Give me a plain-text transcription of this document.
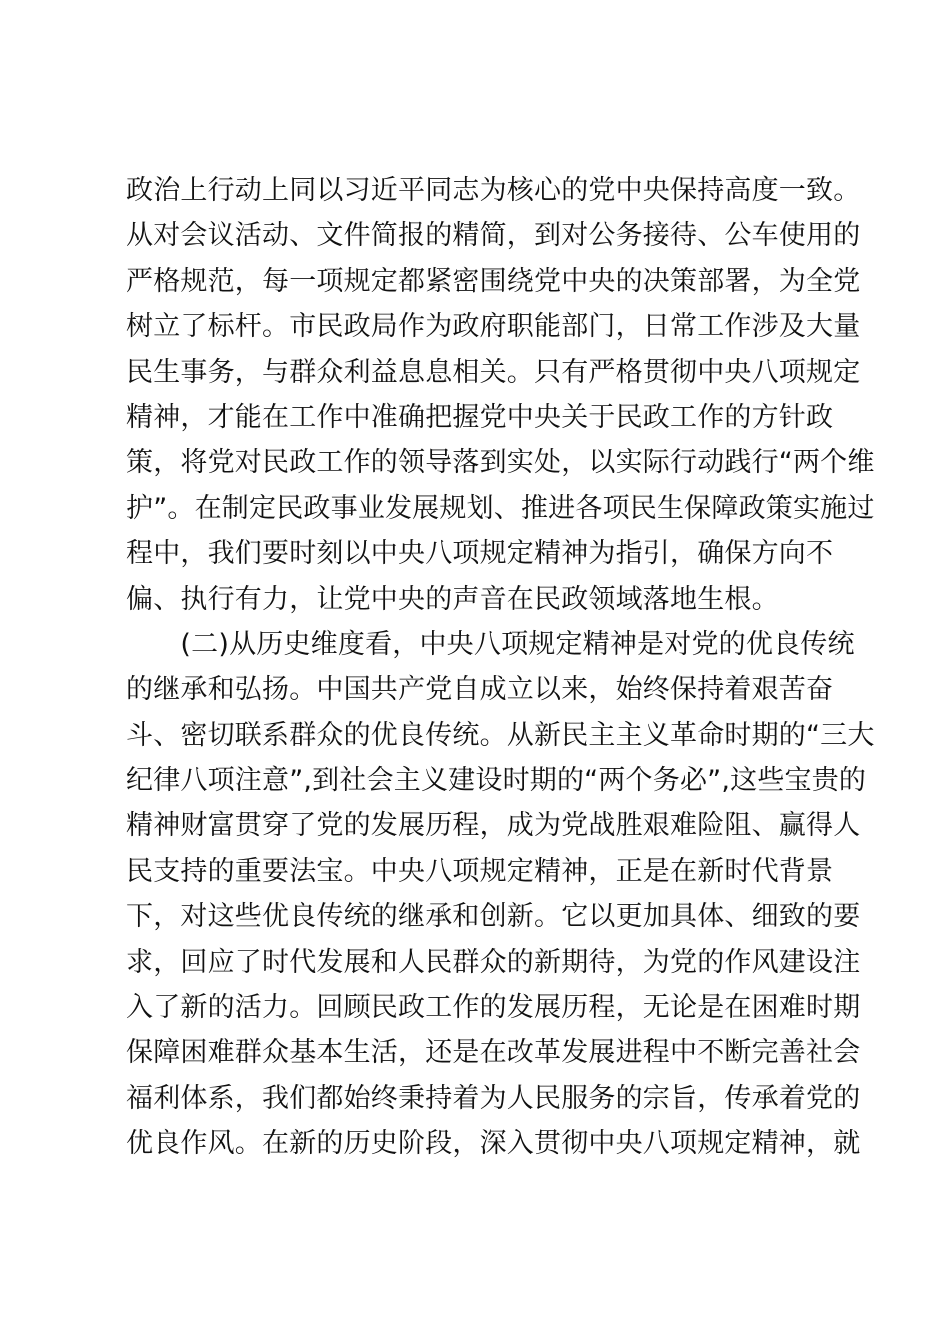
政治上行动上同以习近平同志为核心的党中央保持高度一致。
从对会议活动、文件简报的精简，到对公务接待、公车使用的
严格规范，每一项规定都紧密围绕党中央的决策部署，为全党
树立了标杆。市民政局作为政府职能部门，日常工作涉及大量
民生事务，与群众利益息息相关。只有严格贯彻中央八项规定
精神，才能在工作中准确把握党中央关于民政工作的方针政
策，将党对民政工作的领导落到实处，以实际行动践行“两个维
护”。在制定民政事业发展规划、推进各项民生保障政策实施过
程中，我们要时刻以中央八项规定精神为指引，确保方向不
偏、执行有力，让党中央的声音在民政领域落地生根。
　　(二)从历史维度看，中央八项规定精神是对党的优良传统
的继承和弘扬。中国共产党自成立以来，始终保持着艰苦奋
斗、密切联系群众的优良传统。从新民主主义革命时期的“三大
纪律八项注意”,到社会主义建设时期的“两个务必”,这些宝贵的
精神财富贯穿了党的发展历程，成为党战胜艰难险阻、赢得人
民支持的重要法宝。中央八项规定精神，正是在新时代背景
下，对这些优良传统的继承和创新。它以更加具体、细致的要
求，回应了时代发展和人民群众的新期待，为党的作风建设注
入了新的活力。回顾民政工作的发展历程，无论是在困难时期
保障困难群众基本生活，还是在改革发展进程中不断完善社会
福利体系，我们都始终秉持着为人民服务的宗旨，传承着党的
优良作风。在新的历史阶段，深入贯彻中央八项规定精神，就
